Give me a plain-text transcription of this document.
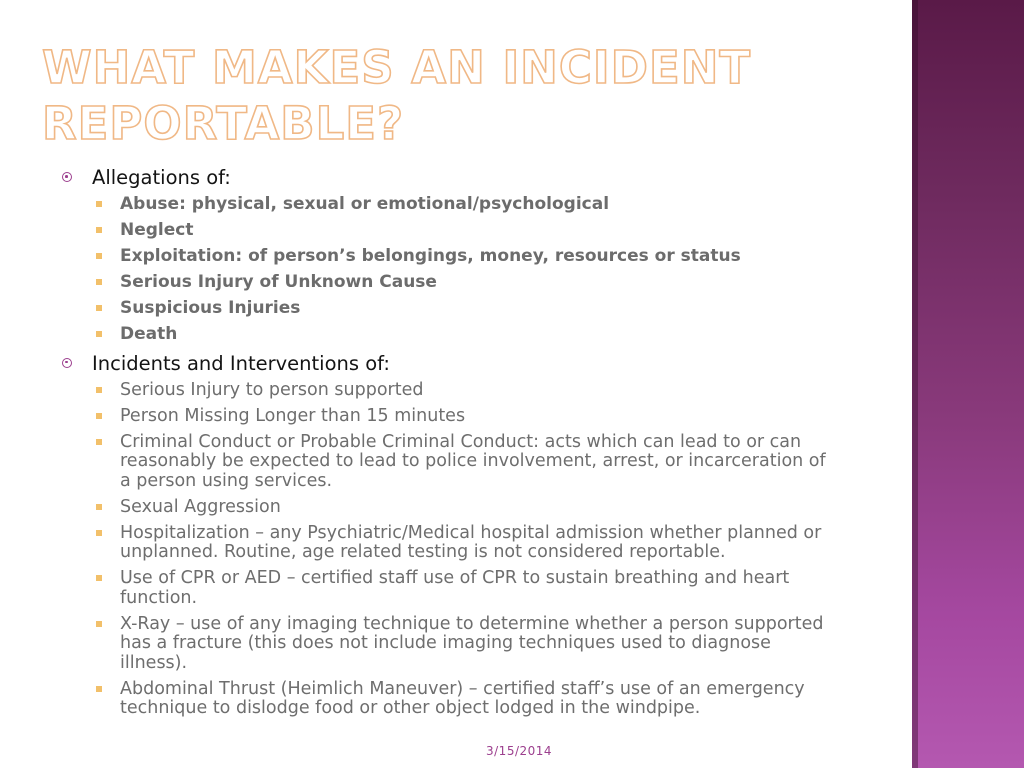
WHAT MAKES AN INCIDENT REPORTABLE?
Allegations of:
Abuse: physical, sexual or emotional/psychological
Neglect
Exploitation: of person’s belongings, money, resources or status
Serious Injury of Unknown Cause
Suspicious Injuries
Death
Incidents and Interventions of:
Serious Injury to person supported
Person Missing Longer than 15 minutes
Criminal Conduct or Probable Criminal Conduct: acts which can lead to or can reasonably be expected to lead to police involvement, arrest, or incarceration of a person using services.
Sexual Aggression
Hospitalization – any Psychiatric/Medical hospital admission whether planned or unplanned. Routine, age related testing is not considered reportable.
Use of CPR or AED – certified staff use of CPR to sustain breathing and heart function.
X-Ray – use of any imaging technique to determine whether a person supported has a fracture (this does not include imaging techniques used to diagnose illness).
Abdominal Thrust (Heimlich Maneuver) – certified staff’s use of an emergency technique to dislodge food or other object lodged in the windpipe.
3/15/2014
